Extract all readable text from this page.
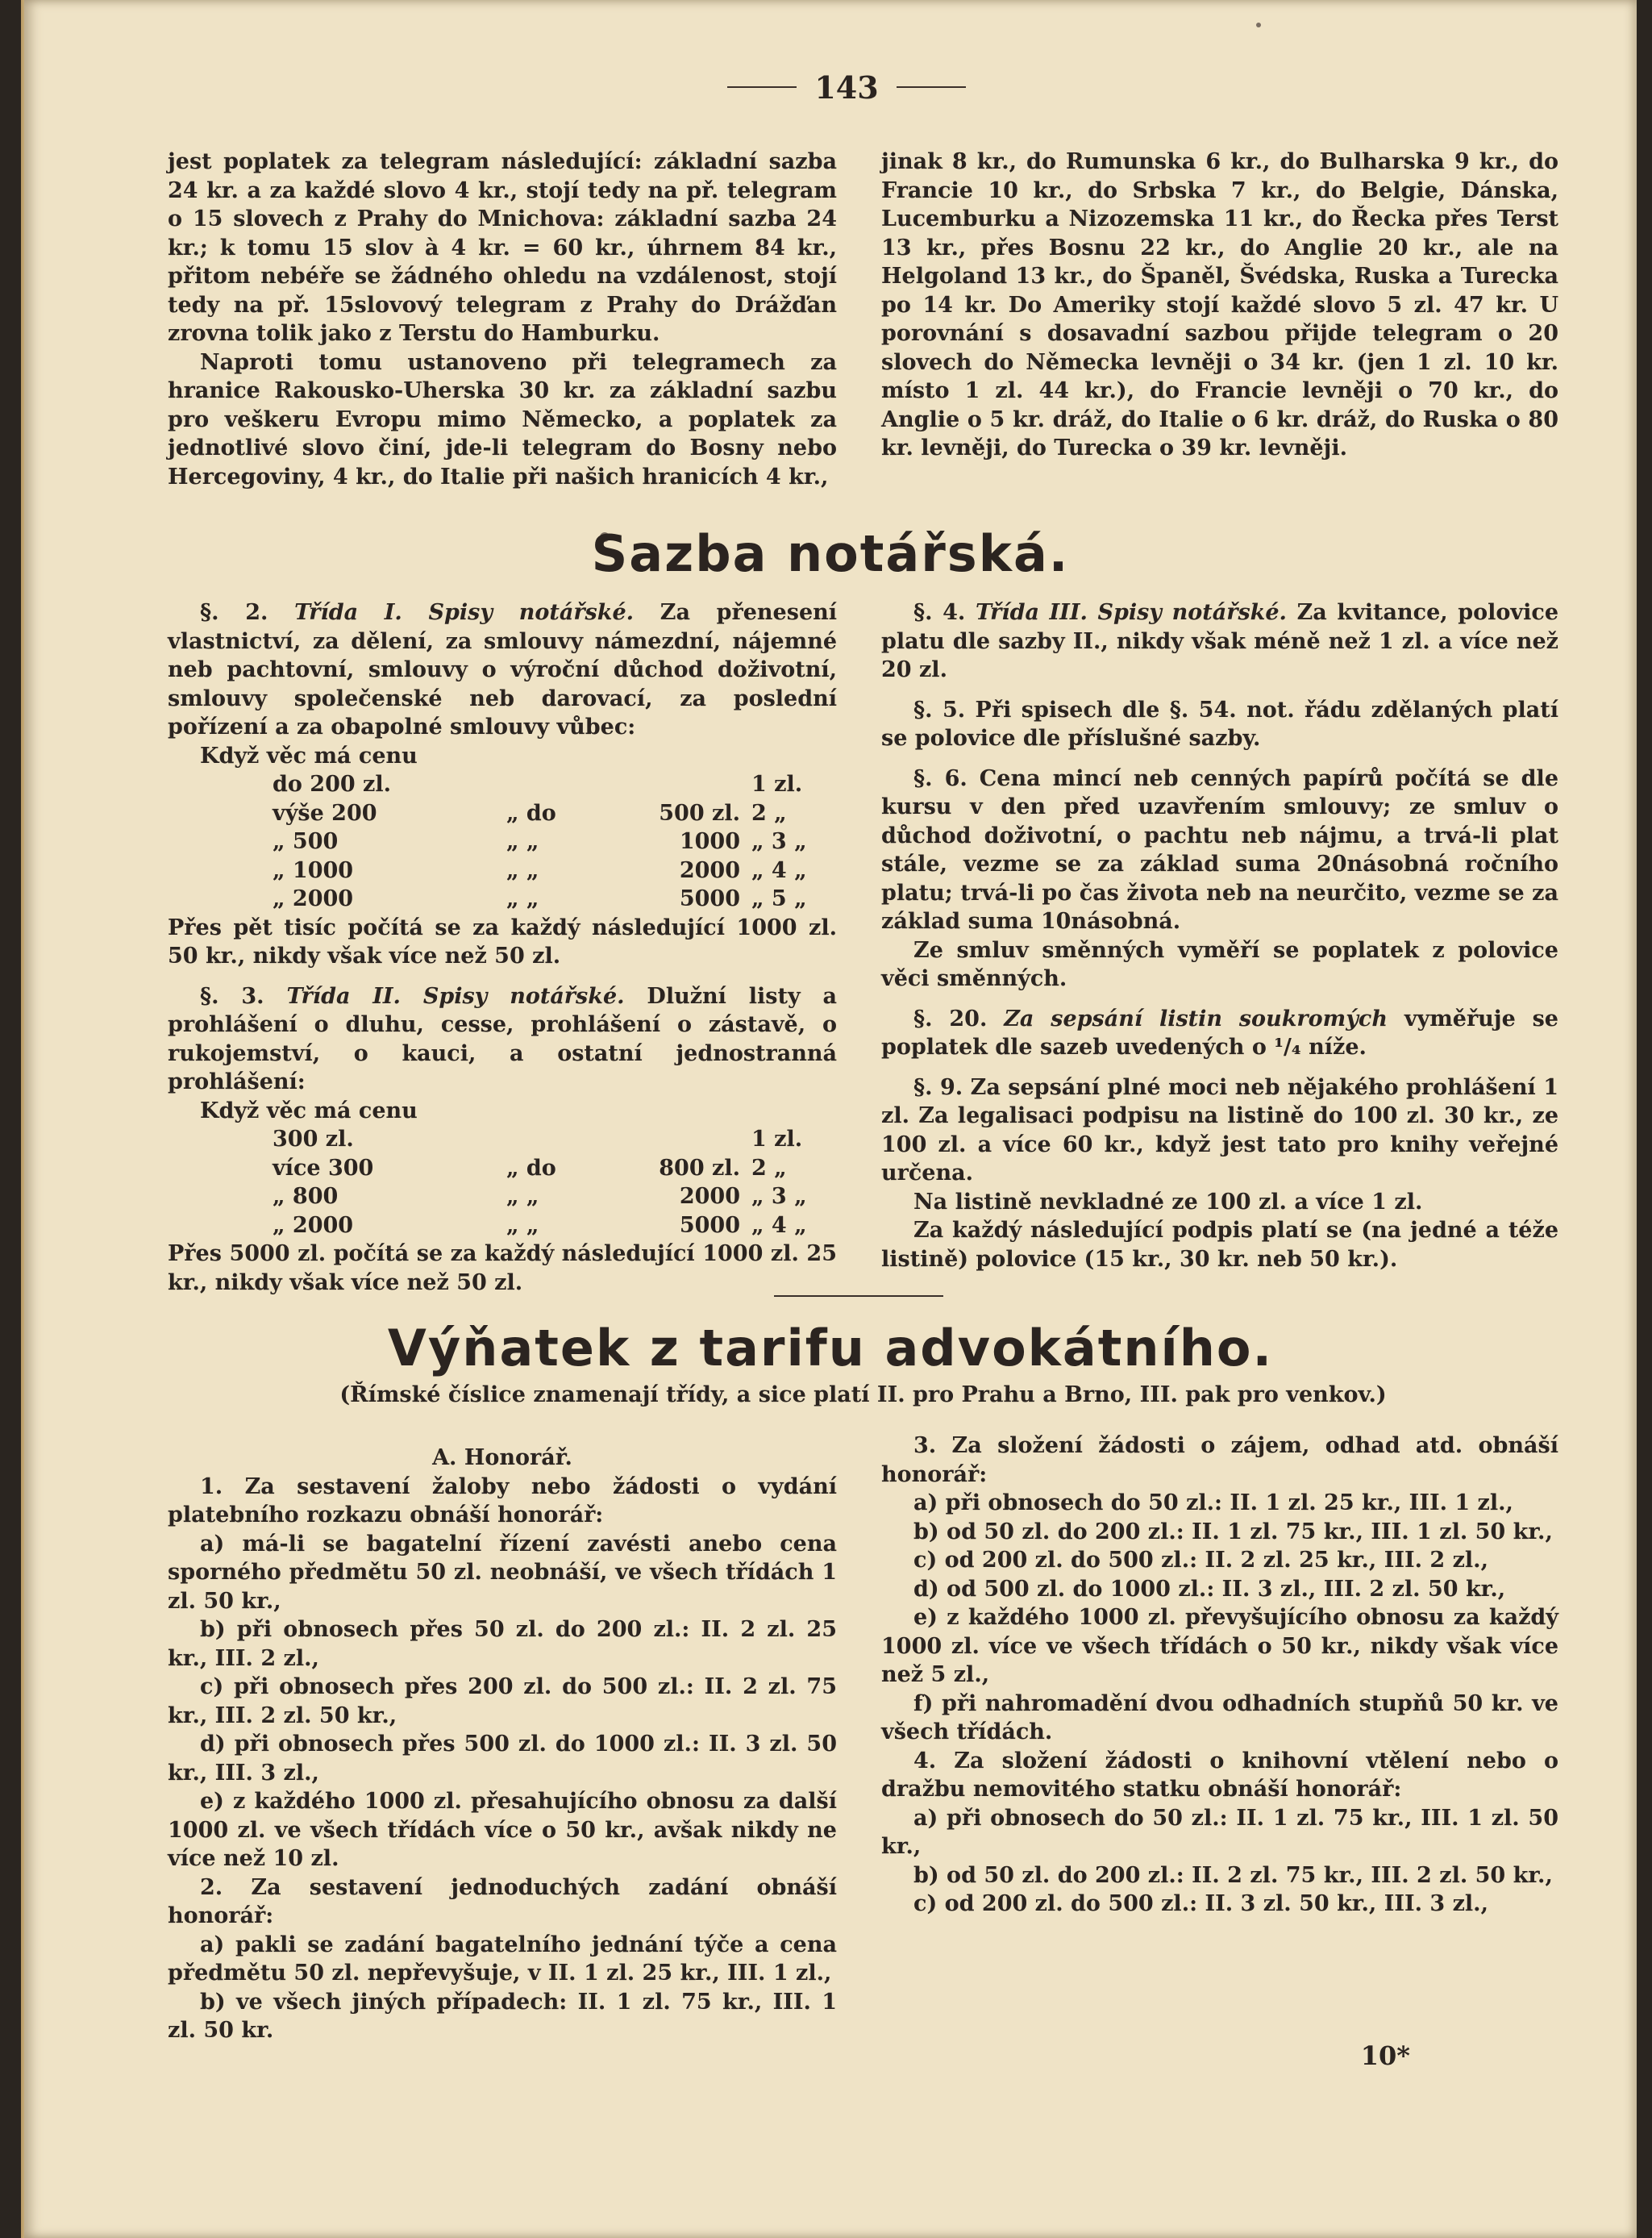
143

jest poplatek za telegram následující: základní sazba 24 kr. a za každé slovo 4 kr., stojí tedy na př. telegram o 15 slovech z Prahy do Mnichova: základní sazba 24 kr.; k tomu 15 slov à 4 kr. = 60 kr., úhrnem 84 kr., přitom nebéře se žádného ohledu na vzdálenost, stojí tedy na př. 15slovový telegram z Prahy do Drážďan zrovna tolik jako z Terstu do Hamburku.

Naproti tomu ustanoveno při telegramech za hranice Rakousko-Uherska 30 kr. za základní sazbu pro veškeru Evropu mimo Německo, a poplatek za jednotlivé slovo činí, jde-li telegram do Bosny nebo Hercegoviny, 4 kr., do Italie při našich hranicích 4 kr.,

jinak 8 kr., do Rumunska 6 kr., do Bulharska 9 kr., do Francie 10 kr., do Srbska 7 kr., do Belgie, Dánska, Lucemburku a Nizozemska 11 kr., do Řecka přes Terst 13 kr., přes Bosnu 22 kr., do Anglie 20 kr., ale na Helgoland 13 kr., do Španěl, Švédska, Ruska a Turecka po 14 kr. Do Ameriky stojí každé slovo 5 zl. 47 kr. U porovnání s dosavadní sazbou přijde telegram o 20 slovech do Německa levněji o 34 kr. (jen 1 zl. 10 kr. místo 1 zl. 44 kr.), do Francie levněji o 70 kr., do Anglie o 5 kr. dráž, do Italie o 6 kr. dráž, do Ruska o 80 kr. levněji, do Turecka o 39 kr. levněji.

Sazba notářská.

§. 2. Třída I. Spisy notářské. Za přenesení vlastnictví, za dělení, za smlouvy námezdní, nájemné neb pachtovní, smlouvy o výroční důchod doživotní, smlouvy společenské neb darovací, za poslední pořízení a za obapolné smlouvy vůbec:

Když věc má cenu

do 200 zl.	1 zl.
výše 200	„ do	500 zl. 2 „
„ 500	„ „	1000 „ 3 „
„ 1000	„ „	2000 „ 4 „
„ 2000	„ „	5000 „ 5 „

Přes pět tisíc počítá se za každý následující 1000 zl. 50 kr., nikdy však více než 50 zl.

§. 3. Třída II. Spisy notářské. Dlužní listy a prohlášení o dluhu, cesse, prohlášení o zástavě, o rukojemství, o kauci, a ostatní jednostranná prohlášení:

Když věc má cenu

300 zl.	1 zl.
více 300	„ do	800 zl. 2 „
„ 800	„ „	2000 „ 3 „
„ 2000	„ „	5000 „ 4 „

Přes 5000 zl. počítá se za každý následující 1000 zl. 25 kr., nikdy však více než 50 zl.

§. 4. Třída III. Spisy notářské. Za kvitance, polovice platu dle sazby II., nikdy však méně než 1 zl. a více než 20 zl.

§. 5. Při spisech dle §. 54. not. řádu zdělaných platí se polovice dle příslušné sazby.

§. 6. Cena mincí neb cenných papírů počítá se dle kursu v den před uzavřením smlouvy; ze smluv o důchod doživotní, o pachtu neb nájmu, a trvá-li plat stále, vezme se za základ suma 20násobná ročního platu; trvá-li po čas života neb na neurčito, vezme se za základ suma 10násobná.

Ze smluv směnných vyměří se poplatek z polovice věci směnných.

§. 20. Za sepsání listin soukromých vyměřuje se poplatek dle sazeb uvedených o ¹/₄ níže.

§. 9. Za sepsání plné moci neb nějakého prohlášení 1 zl. Za legalisaci podpisu na listině do 100 zl. 30 kr., ze 100 zl. a více 60 kr., když jest tato pro knihy veřejné určena.

Na listině nevkladné ze 100 zl. a více 1 zl.

Za každý následující podpis platí se (na jedné a téže listině) polovice (15 kr., 30 kr. neb 50 kr.).

Výňatek z tarifu advokátního.
(Římské číslice znamenají třídy, a sice platí II. pro Prahu a Brno, III. pak pro venkov.)

A. Honorář.

1. Za sestavení žaloby nebo žádosti o vydání platebního rozkazu obnáší honorář:

a) má-li se bagatelní řízení zavésti anebo cena sporného předmětu 50 zl. neobnáší, ve všech třídách 1 zl. 50 kr.,

b) při obnosech přes 50 zl. do 200 zl.: II. 2 zl. 25 kr., III. 2 zl.,

c) při obnosech přes 200 zl. do 500 zl.: II. 2 zl. 75 kr., III. 2 zl. 50 kr.,

d) při obnosech přes 500 zl. do 1000 zl.: II. 3 zl. 50 kr., III. 3 zl.,

e) z každého 1000 zl. přesahujícího obnosu za další 1000 zl. ve všech třídách více o 50 kr., avšak nikdy ne více než 10 zl.

2. Za sestavení jednoduchých zadání obnáší honorář:

a) pakli se zadání bagatelního jednání týče a cena předmětu 50 zl. nepřevyšuje, v II. 1 zl. 25 kr., III. 1 zl.,

b) ve všech jiných případech: II. 1 zl. 75 kr., III. 1 zl. 50 kr.

3. Za složení žádosti o zájem, odhad atd. obnáší honorář:

a) při obnosech do 50 zl.: II. 1 zl. 25 kr., III. 1 zl.,

b) od 50 zl. do 200 zl.: II. 1 zl. 75 kr., III. 1 zl. 50 kr.,

c) od 200 zl. do 500 zl.: II. 2 zl. 25 kr., III. 2 zl.,

d) od 500 zl. do 1000 zl.: II. 3 zl., III. 2 zl. 50 kr.,

e) z každého 1000 zl. převyšujícího obnosu za každý 1000 zl. více ve všech třídách o 50 kr., nikdy však více než 5 zl.,

f) při nahromadění dvou odhadních stupňů 50 kr. ve všech třídách.

4. Za složení žádosti o knihovní vtělení nebo o dražbu nemovitého statku obnáší honorář:

a) při obnosech do 50 zl.: II. 1 zl. 75 kr., III. 1 zl. 50 kr.,

b) od 50 zl. do 200 zl.: II. 2 zl. 75 kr., III. 2 zl. 50 kr.,

c) od 200 zl. do 500 zl.: II. 3 zl. 50 kr., III. 3 zl.,

10*
